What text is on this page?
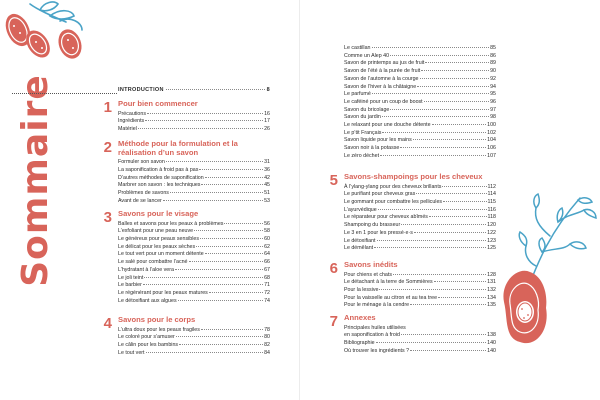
Sommaire	INTRODUCTION	8
1 Pour bien commencer
Précautions	16
Ingrédients	17
Matériel	26
2 Méthode pour la formulation et la réalisation d’un savon
Formuler son savon	31
La saponification à froid pas à pas	36
D’autres méthodes de saponification	42
Marbrer son savon : les techniques	45
Problèmes de savons	51
Avant de se lancer	53
3 Savons pour le visage
Balles et savons pour les peaux à problèmes	56
L’exfoliant pour une peau neuve	58
Le généreux pour peaux sensibles	60
Le délicat pour les peaux sèches	62
Le tout vert pour un moment détente	64
Le salé pour combattre l’acné	66
L’hydratant à l’aloe vera	67
Le joli teint	68
Le barbier	71
Le régénérant pour les peaux matures	72
Le détoxifiant aux algues	74
4 Savons pour le corps
L’ultra doux pour les peaux fragiles	78
Le coloré pour s’amuser	80
Le câlin pour les bambins	82
Le tout vert	84
Le castillan	85
Comme un Alep 40	86
Savon de printemps au jus de fruit	89
Savon de l’été à la purée de fruit	90
Savon de l’automne à la courge	92
Savon de l’hiver à la châtaigne	94
Le parfumé	95
Le caféiné pour un coup de boost	96
Savon du bricolage	97
Savon du jardin	98
Le relaxant pour une douche détente	100
Le p’tit Français	102
Savon liquide pour les mains	104
Savon noir à la potasse	106
Le zéro déchet	107
5 Savons-shampoings pour les cheveux
À l’ylang-ylang pour des cheveux brillants	112
Le purifiant pour cheveux gras	114
Le gommant pour combattre les pellicules	115
L’ayurvédique	116
Le réparateur pour cheveux abîmés	118
Shampoing du brasseur	120
Le 3 en 1 pour les pressé·e·s	122
Le détoxifiant	123
Le démêlant	125
6 Savons inédits
Pour chiens et chats	128
Le détachant à la terre de Sommières	131
Pour la lessive	132
Pour la vaisselle au citron et au tea tree	134
Pour le ménage à la cendre	135
7 Annexes
Principales huiles utilisées
en saponification à froid	138
Bibliographie	140
Où trouver les ingrédients ?	140
